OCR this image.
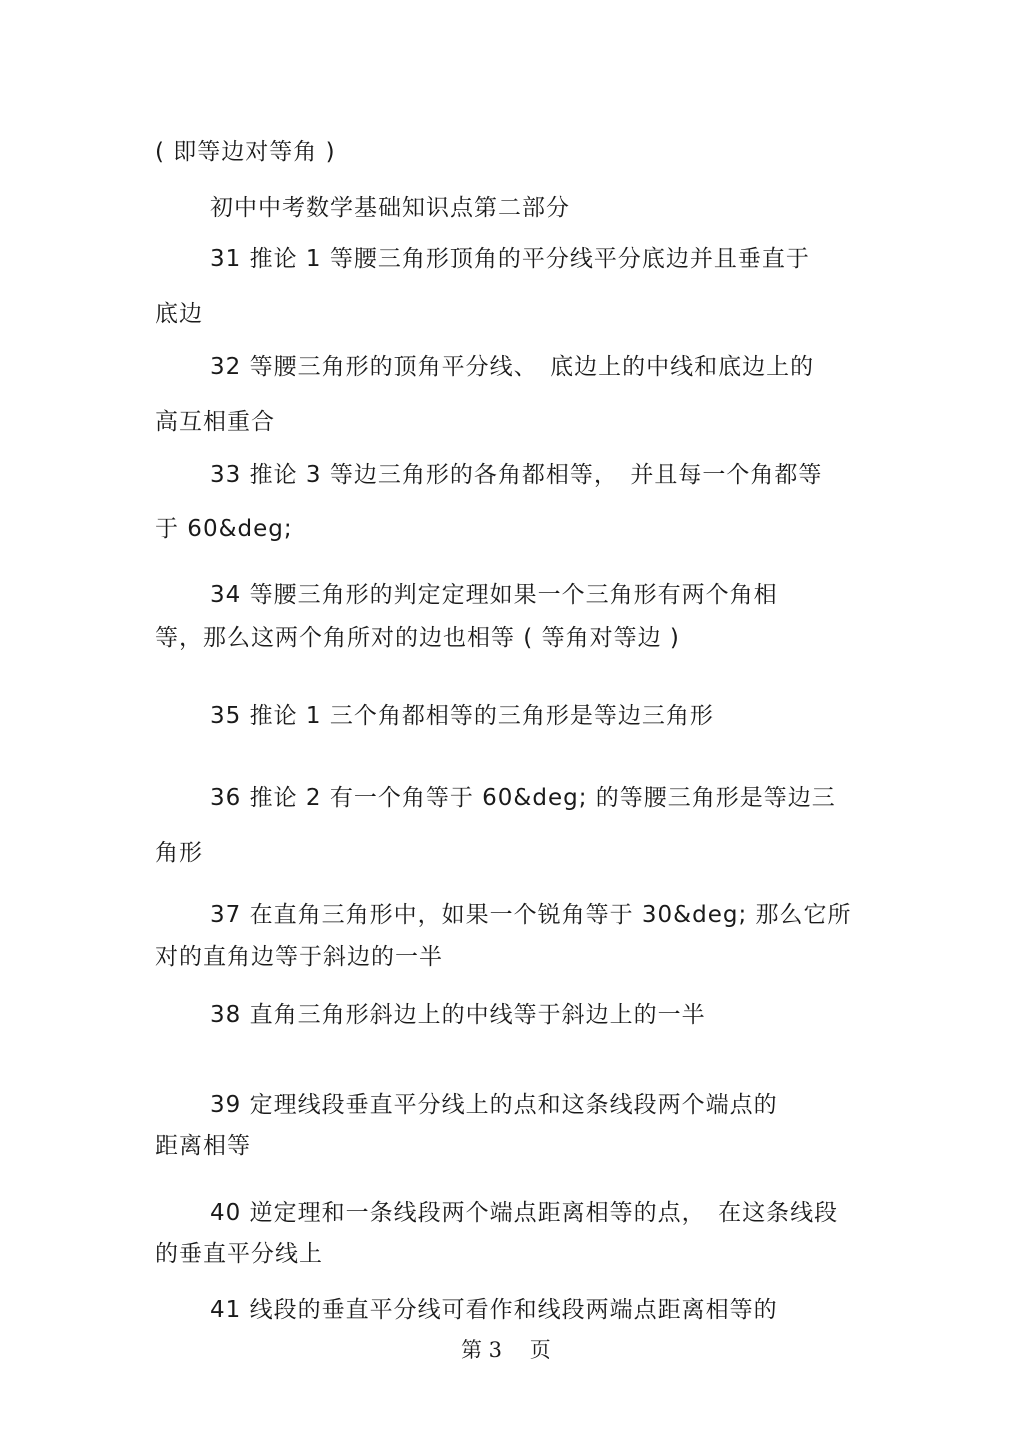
( 即等边对等角 )
初中中考数学基础知识点第二部分
31 推论 1 等腰三角形顶角的平分线平分底边并且垂直于
底边
32 等腰三角形的顶角平分线、　底边上的中线和底边上的
高互相重合
33 推论 3 等边三角形的各角都相等，　并且每一个角都等
于 60&deg;
34 等腰三角形的判定定理如果一个三角形有两个角相
等，那么这两个角所对的边也相等 ( 等角对等边 )
35 推论 1 三个角都相等的三角形是等边三角形
36 推论 2 有一个角等于 60&deg; 的等腰三角形是等边三
角形
37 在直角三角形中，如果一个锐角等于 30&deg; 那么它所
对的直角边等于斜边的一半
38 直角三角形斜边上的中线等于斜边上的一半
39 定理线段垂直平分线上的点和这条线段两个端点的
距离相等
40 逆定理和一条线段两个端点距离相等的点，　在这条线段
的垂直平分线上
41 线段的垂直平分线可看作和线段两端点距离相等的
第 3　 页
